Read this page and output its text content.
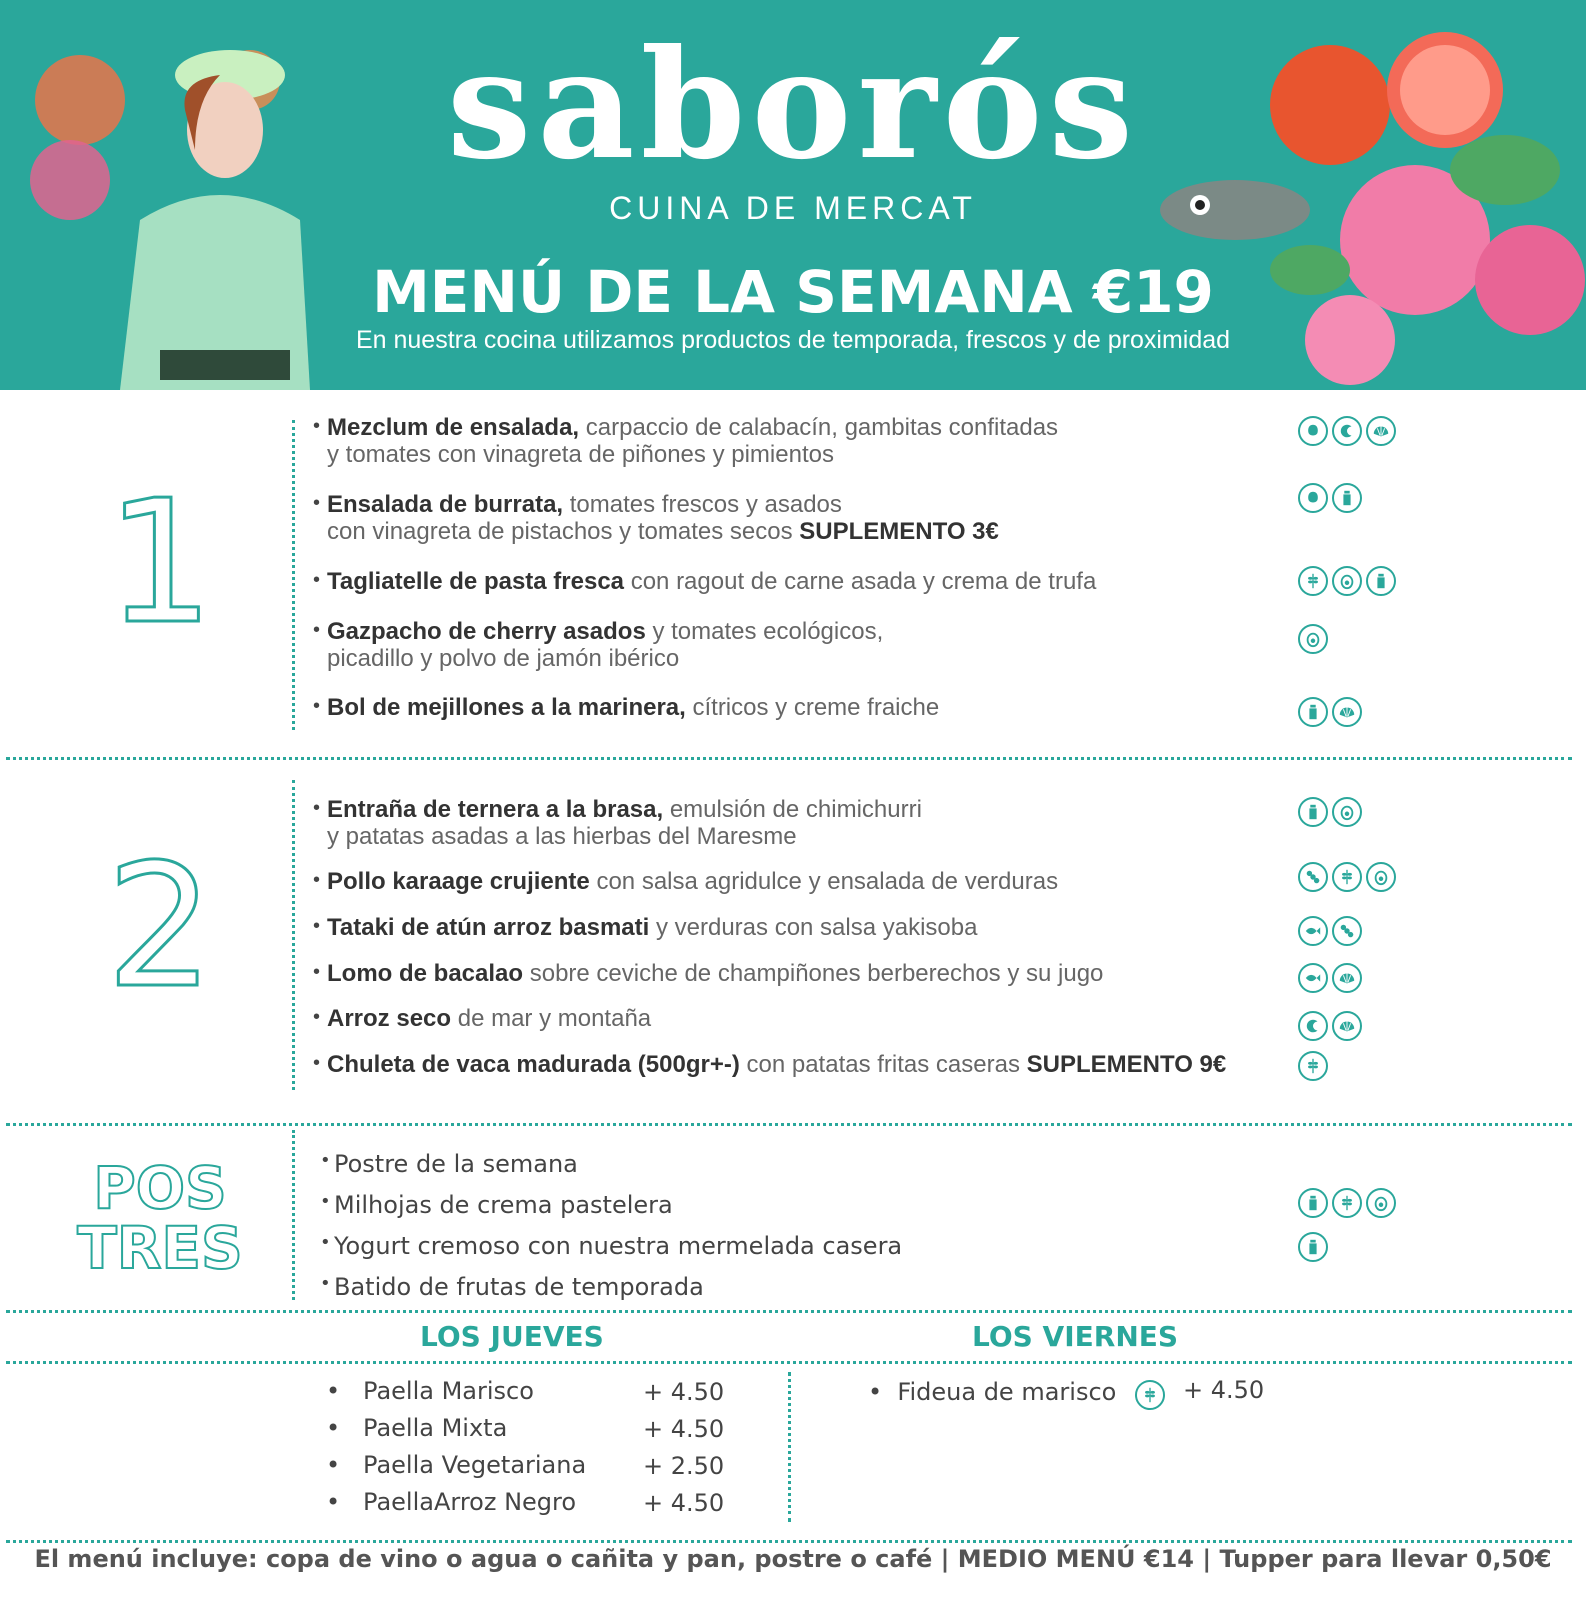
saborós
CUINA DE MERCAT
MENÚ DE LA SEMANA €19
En nuestra cocina utilizamos productos de temporada, frescos y de proximidad
1
• Mezclum de ensalada, carpaccio de calabacín, gambitas confitadas
y tomates con vinagreta de piñones y pimientos
• Ensalada de burrata, tomates frescos y asados
con vinagreta de pistachos y tomates secos SUPLEMENTO 3€
• Tagliatelle de pasta fresca con ragout de carne asada y crema de trufa
• Gazpacho de cherry asados y tomates ecológicos,
picadillo y polvo de jamón ibérico
• Bol de mejillones a la marinera, cítricos y creme fraiche
2
• Entraña de ternera a la brasa, emulsión de chimichurri
y patatas asadas a las hierbas del Maresme
• Pollo karaage crujiente con salsa agridulce y ensalada de verduras
• Tataki de atún arroz basmati y verduras con salsa yakisoba
• Lomo de bacalao sobre ceviche de champiñones berberechos y su jugo
• Arroz seco de mar y montaña
• Chuleta de vaca madurada (500gr+-) con patatas fritas caseras SUPLEMENTO 9€
POS
TRES
• Postre de la semana
• Milhojas de crema pastelera
• Yogurt cremoso con nuestra mermelada casera
• Batido de frutas de temporada
LOS JUEVES	LOS VIERNES
•   Paella Marisco	+ 4.50
•   Paella Mixta	+ 4.50
•   Paella Vegetariana + 2.50
•   PaellaArroz Negro	+ 4.50
•  Fideua de marisco	+ 4.50
El menú incluye: copa de vino o agua o cañita y pan, postre o café | MEDIO MENÚ €14 | Tupper para llevar 0,50€
